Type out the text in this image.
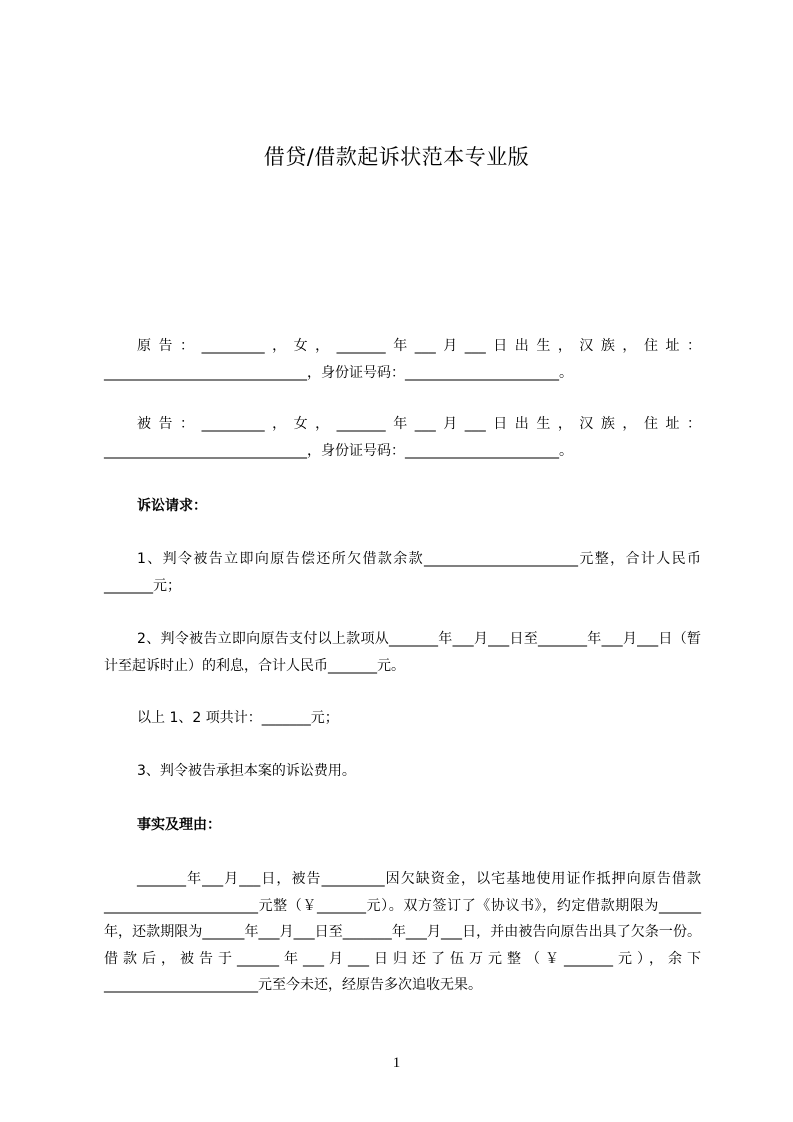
借贷/借款起诉状范本专业版
原告：_________，女，_______年___月___日出生，汉族，住址：_____________________________，身份证号码：______________________。
被告：_________，女，_______年___月___日出生，汉族，住址：_____________________________，身份证号码：______________________。
诉讼请求：
1、判令被告立即向原告偿还所欠借款余款______________________元整，合计人民币_______元；
2、判令被告立即向原告支付以上款项从_______年___月___日至_______年___月___日（暂计至起诉时止）的利息，合计人民币_______元。
以上 1、2 项共计：_______元；
3、判令被告承担本案的诉讼费用。
事实及理由：
_______年___月___日，被告_________因欠缺资金，以宅基地使用证作抵押向原告借款______________________元整（￥_______元）。双方签订了《协议书》，约定借款期限为______年，还款期限为______年___月___日至_______年___月___日，并由被告向原告出具了欠条一份。借款后，被告于______年___月___日归还了伍万元整（￥_______元），余下______________________元至今未还，经原告多次追收无果。
1
